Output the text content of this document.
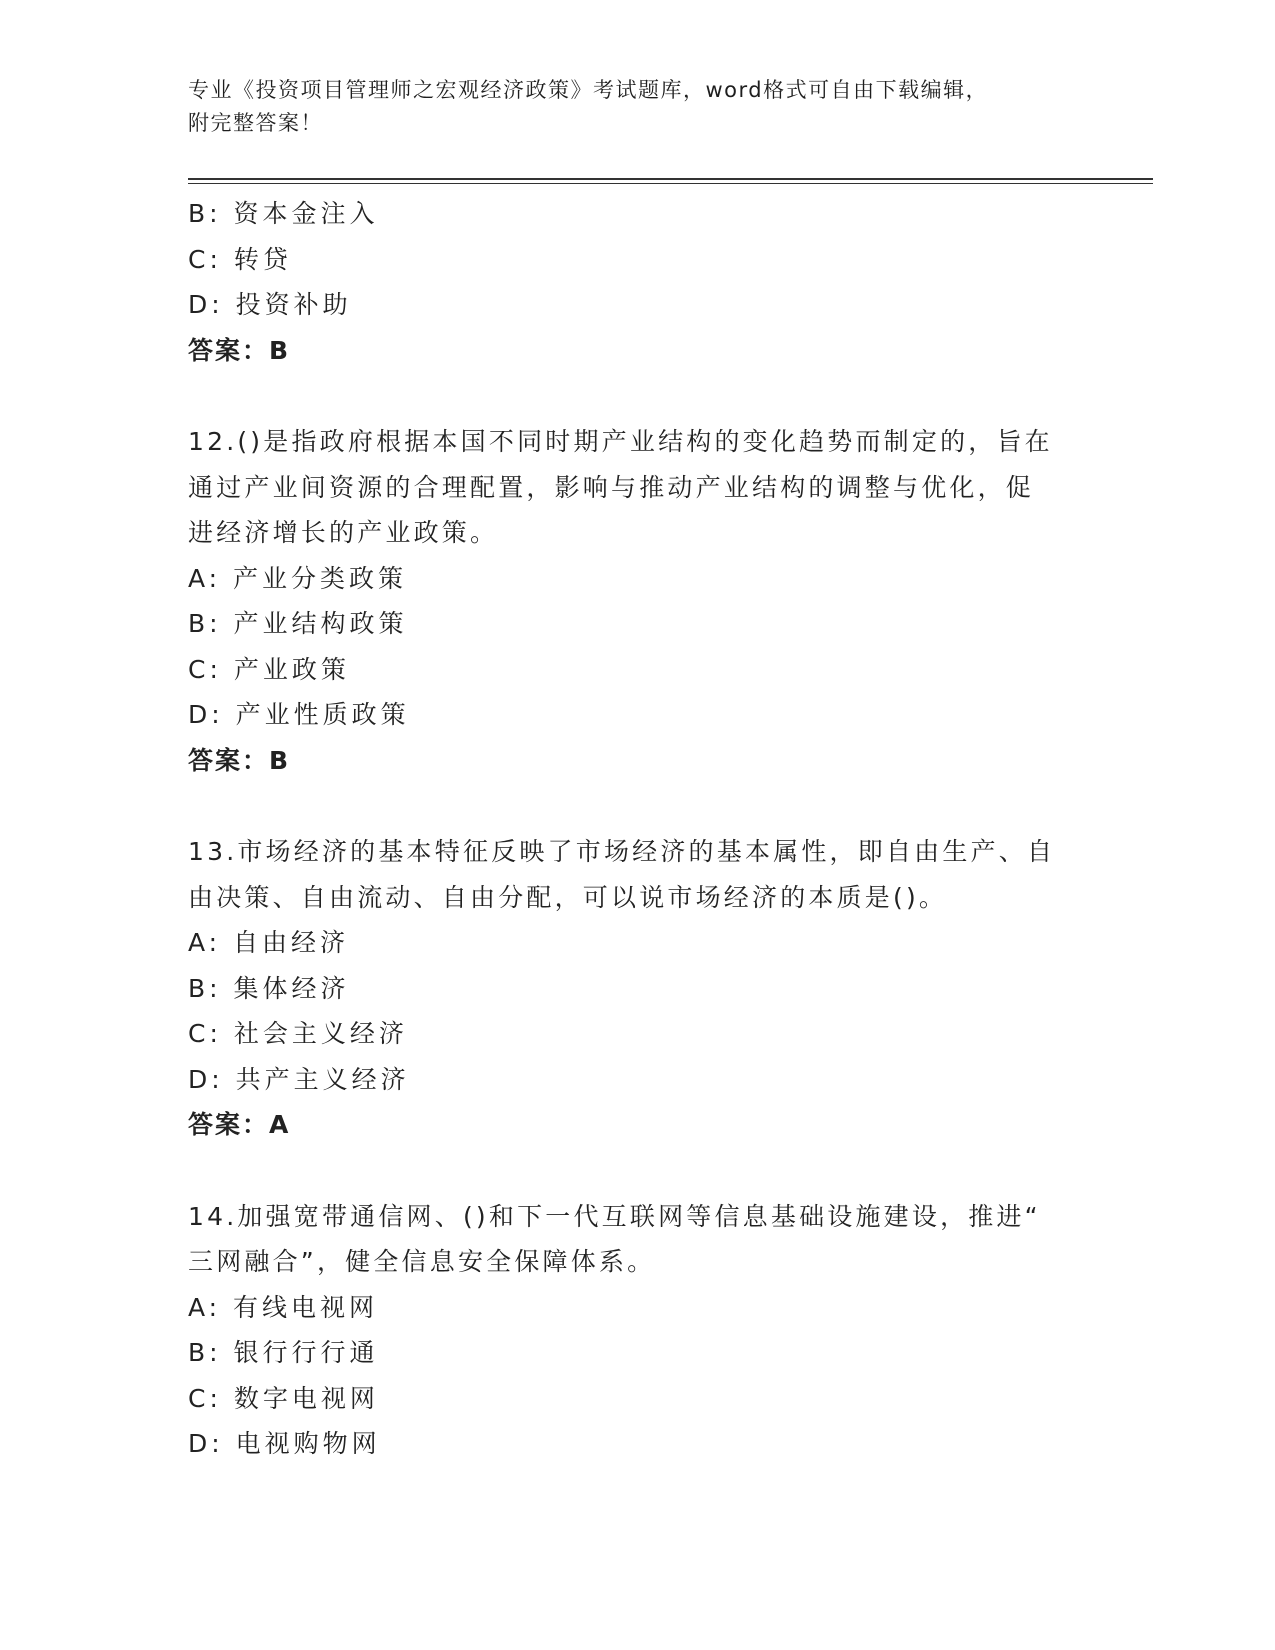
专业《投资项目管理师之宏观经济政策》考试题库，word格式可自由下载编辑，
附完整答案！
B: 资本金注入
C: 转贷
D: 投资补助
答案：B
12.()是指政府根据本国不同时期产业结构的变化趋势而制定的，旨在
通过产业间资源的合理配置，影响与推动产业结构的调整与优化，促
进经济增长的产业政策。
A: 产业分类政策
B: 产业结构政策
C: 产业政策
D: 产业性质政策
答案：B
13.市场经济的基本特征反映了市场经济的基本属性，即自由生产、自
由决策、自由流动、自由分配，可以说市场经济的本质是()。
A: 自由经济
B: 集体经济
C: 社会主义经济
D: 共产主义经济
答案：A
14.加强宽带通信网、()和下一代互联网等信息基础设施建设，推进“
三网融合”，健全信息安全保障体系。
A: 有线电视网
B: 银行行行通
C: 数字电视网
D: 电视购物网
